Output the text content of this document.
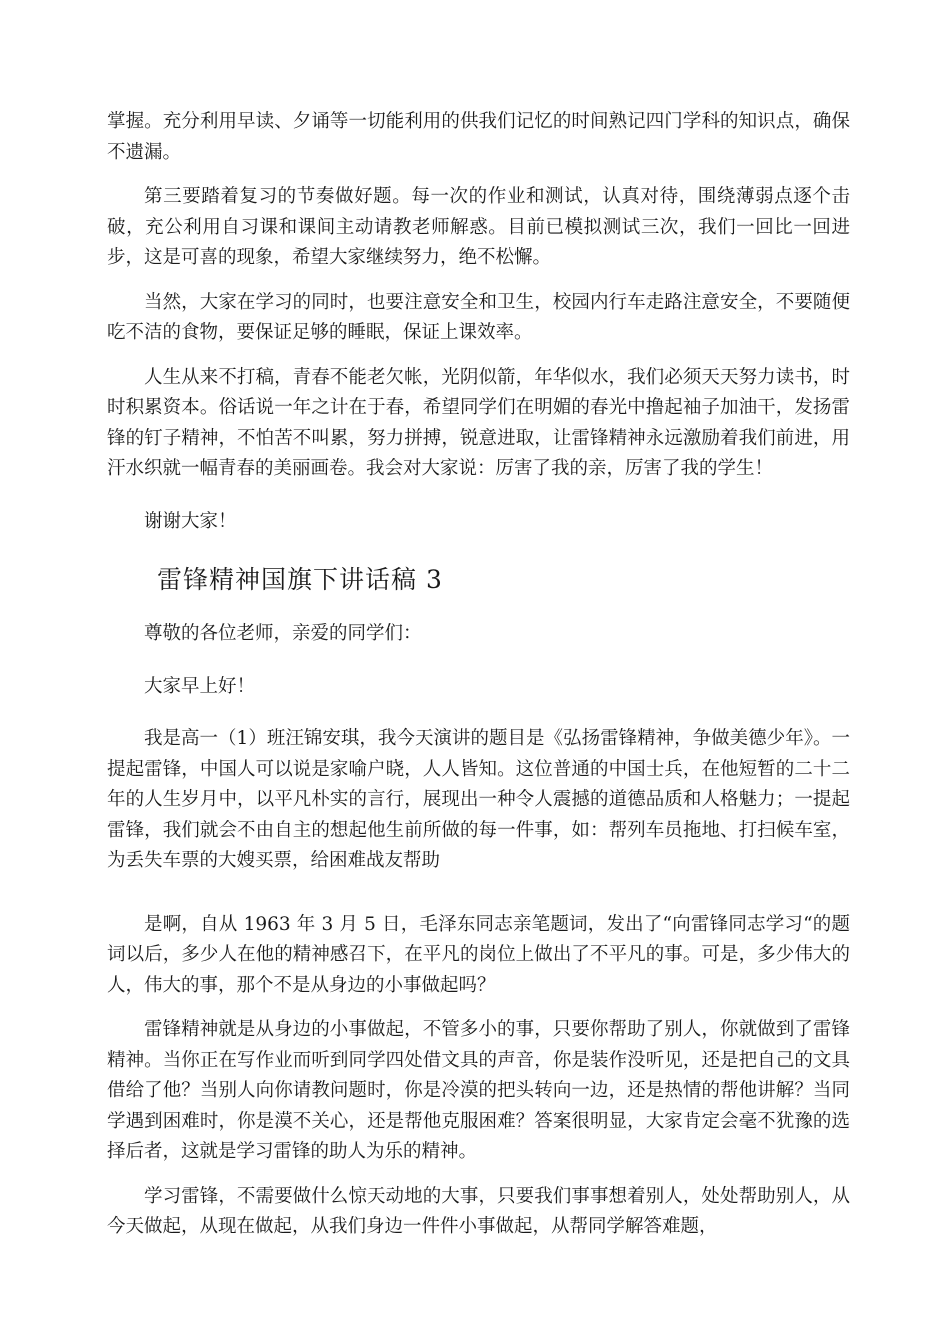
掌握。充分利用早读、夕诵等一切能利用的供我们记忆的时间熟记四门学科的知识点，确保不遗漏。

第三要踏着复习的节奏做好题。每一次的作业和测试，认真对待，围绕薄弱点逐个击破，充公利用自习课和课间主动请教老师解惑。目前已模拟测试三次，我们一回比一回进步，这是可喜的现象，希望大家继续努力，绝不松懈。

当然，大家在学习的同时，也要注意安全和卫生，校园内行车走路注意安全，不要随便吃不洁的食物，要保证足够的睡眠，保证上课效率。

人生从来不打稿，青春不能老欠帐，光阴似箭，年华似水，我们必须天天努力读书，时时积累资本。俗话说一年之计在于春，希望同学们在明媚的春光中撸起袖子加油干，发扬雷锋的钉子精神，不怕苦不叫累，努力拼搏，锐意进取，让雷锋精神永远激励着我们前进，用汗水织就一幅青春的美丽画卷。我会对大家说：厉害了我的亲，厉害了我的学生！

谢谢大家！

雷锋精神国旗下讲话稿 3

尊敬的各位老师，亲爱的同学们：

大家早上好！

我是高一（1）班汪锦安琪，我今天演讲的题目是《弘扬雷锋精神，争做美德少年》。一提起雷锋，中国人可以说是家喻户晓，人人皆知。这位普通的中国士兵，在他短暂的二十二年的人生岁月中，以平凡朴实的言行，展现出一种令人震撼的道德品质和人格魅力；一提起雷锋，我们就会不由自主的想起他生前所做的每一件事，如：帮列车员拖地、打扫候车室，为丢失车票的大嫂买票，给困难战友帮助

是啊，自从 1963 年 3 月 5 日，毛泽东同志亲笔题词，发出了“向雷锋同志学习“的题词以后，多少人在他的精神感召下，在平凡的岗位上做出了不平凡的事。可是，多少伟大的人，伟大的事，那个不是从身边的小事做起吗？

雷锋精神就是从身边的小事做起，不管多小的事，只要你帮助了别人，你就做到了雷锋精神。当你正在写作业而听到同学四处借文具的声音，你是装作没听见，还是把自己的文具借给了他？当别人向你请教问题时，你是冷漠的把头转向一边，还是热情的帮他讲解？当同学遇到困难时，你是漠不关心，还是帮他克服困难？答案很明显，大家肯定会毫不犹豫的选择后者，这就是学习雷锋的助人为乐的精神。

学习雷锋，不需要做什么惊天动地的大事，只要我们事事想着别人，处处帮助别人，从今天做起，从现在做起，从我们身边一件件小事做起，从帮同学解答难题，
